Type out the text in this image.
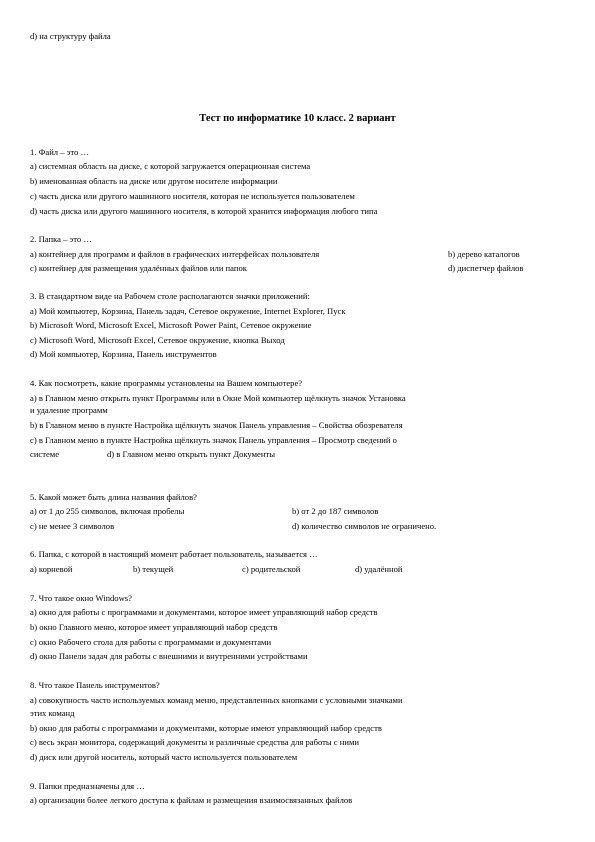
d) на структуру файла
Тест по информатике 10 класс. 2 вариант
1. Файл – это …
a) системная область на диске, с которой загружается операционная система
b) именованная область на диске или другом носителе информации
c) часть диска или другого машинного носителя, которая не используется пользователем
d) часть диска или другого машинного носителя, в которой хранится информация любого типа
2. Папка – это …
a) контейнер для программ и файлов в графических интерфейсах пользователя	b) дерево каталогов
c) контейнер для размещения удалённых файлов или папок	d) диспетчер файлов
3. В стандартном виде на Рабочем столе располагаются значки приложений:
a) Мой компьютер, Корзина, Панель задач, Сетевое окружение, Internet Explorer, Пуск
b) Microsoft Word, Microsoft Excel, Microsoft Power Paint, Сетевое окружение
c) Microsoft Word, Microsoft Excel, Сетевое окружение, кнопка Выход
d) Мой компьютер, Корзина, Панель инструментов
4. Как посмотреть, какие программы установлены на Вашем компьютере?
a) в Главном меню открыть пункт Программы или в Окне Мой компьютер щёлкнуть значок Установка
и удаление программ
b) в Главном меню в пункте Настройка щёлкнуть значок Панель управления – Свойства обозревателя
c) в Главном меню в пункте Настройка щёлкнуть значок Панель управления – Просмотр сведений о
системе	d) в Главном меню открыть пункт Документы
5. Какой может быть длина названия файлов?
a) от 1 до 255 символов, включая пробелы	b) от 2 до 187 символов
c) не менее 3 символов	d) количество символов не ограничено.
6. Папка, с которой в настоящий момент работает пользователь, называется …
a) корневой	b) текущей	c) родительской	d) удалённой
7. Что такое окно Windows?
a) окно для работы с программами и документами, которое имеет управляющий набор средств
b) окно Главного меню, которое имеет управляющий набор средств
c) окно Рабочего стола для работы с программами и документами
d) окно Панели задач для работы с внешними и внутренними устройствами
8. Что такое Панель инструментов?
a) совокупность часто используемых команд меню, представленных кнопками с условными значками
этих команд
b) окно для работы с программами и документами, которые имеют управляющий набор средств
c) весь экран монитора, содержащий документы и различные средства для работы с ними
d) диск или другой носитель, который часто используется пользователем
9. Папки предназначены для …
a) организации более легкого доступа к файлам и размещения взаимосвязанных файлов
